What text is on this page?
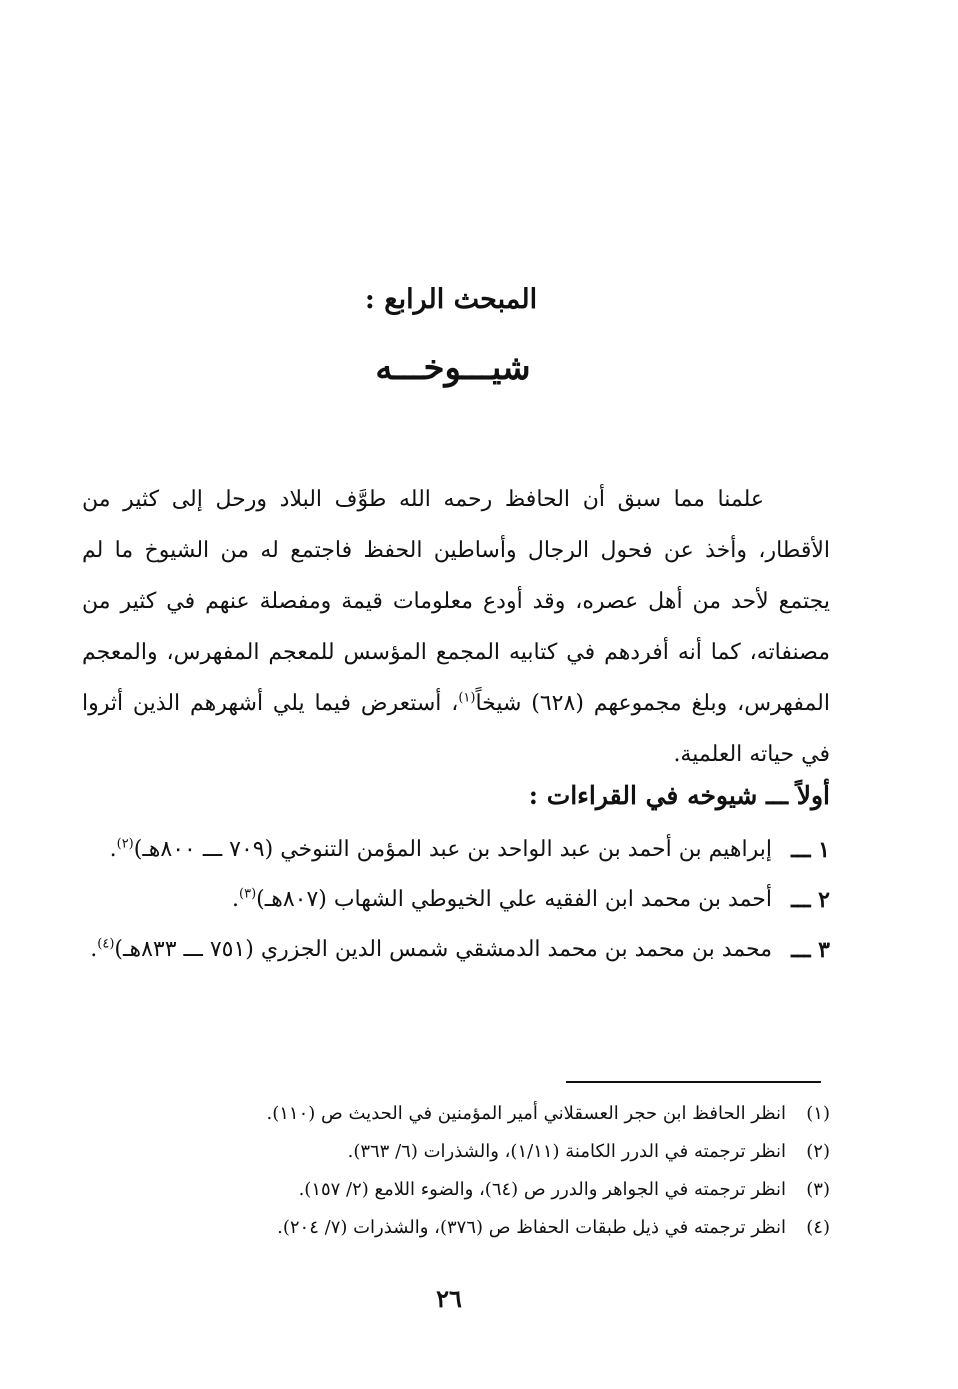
المبحث الرابع :
شيـــوخـــه
علمنا مما سبق أن الحافظ رحمه الله طوَّف البلاد ورحل إلى كثير من الأقطار، وأخذ عن فحول الرجال وأساطين الحفظ فاجتمع له من الشيوخ ما لم يجتمع لأحد من أهل عصره، وقد أودع معلومات قيمة ومفصلة عنهم في كثير من مصنفاته، كما أنه أفردهم في كتابيه المجمع المؤسس للمعجم المفهرس، والمعجم المفهرس، وبلغ مجموعهم (٦٢٨) شيخاً$^{(١)}$، أستعرض فيما يلي أشهرهم الذين أثروا في حياته العلمية.
أولاً ـــ شيوخه في القراءات :
١ ـــ
إبراهيم بن أحمد بن عبد الواحد بن عبد المؤمن التنوخي (٧٠٩ ـــ ٨٠٠هـ)$^{(٢)}$.
٢ ـــ
أحمد بن محمد ابن الفقيه علي الخيوطي الشهاب (٨٠٧هـ)$^{(٣)}$.
٣ ـــ
محمد بن محمد بن محمد الدمشقي شمس الدين الجزري (٧٥١ ـــ ٨٣٣هـ)$^{(٤)}$.
(١)
انظر الحافظ ابن حجر العسقلاني أمير المؤمنين في الحديث ص (١١٠).
(٢)
انظر ترجمته في الدرر الكامنة (١/١١)، والشذرات (٦/ ٣٦٣).
(٣)
انظر ترجمته في الجواهر والدرر ص (٦٤)، والضوء اللامع (٢/ ١٥٧).
(٤)
انظر ترجمته في ذيل طبقات الحفاظ ص (٣٧٦)، والشذرات (٧/ ٢٠٤).
٢٦
